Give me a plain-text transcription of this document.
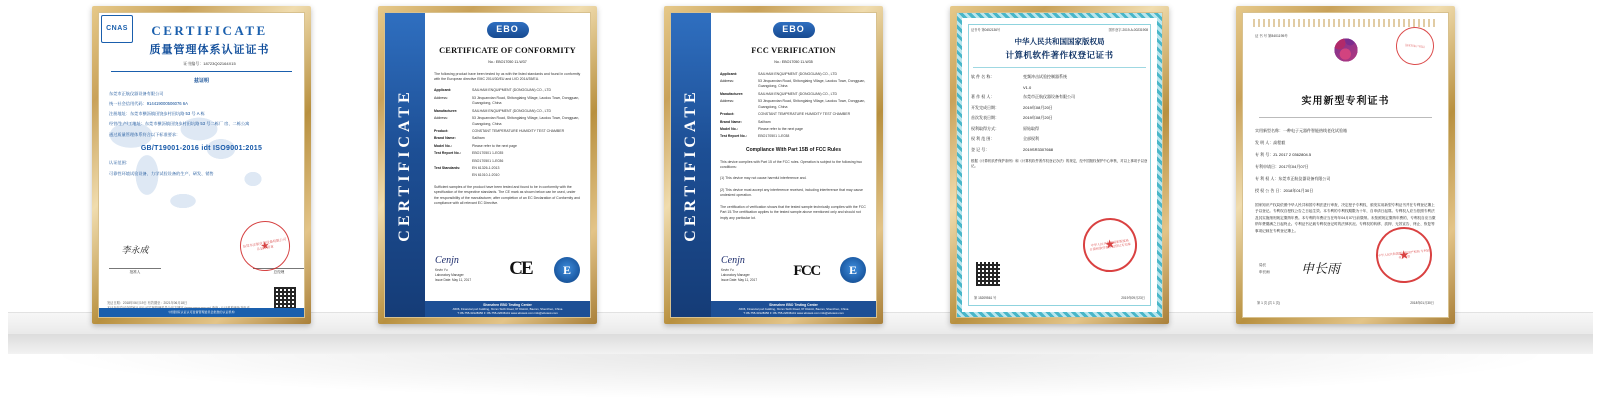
CNAS	CERTIFICATE
质量管理体系认证证书
证书编号：18723Q02164X15
兹证明

东莞市正航仪器设备有限公司

统一社会信用代码：914419000506076 6A

注册地址：东莞市横沥镇田饶步村田坑路 53 号 A 栋

经营/生产/工地址：东莞市横沥镇田饶步村田坑路 53 号二栋厂 房、二栋公寓

通过质量管理体系符合以下标准要求：

GB/T19001-2016 idt ISO9001:2015

认证范围：

可靠性环境试验设备、力学试验设备的生产、研发、销售

东莞市正航仪器设备有限公司 认证专用章 ★
李永成
批准人	总经理
发证日期：2018年06月19日 有效期至：2021年06月18日
中国国家认证认可监督管理委员会批准的认证机构
CERTIFICATE
EBO
CERTIFICATE OF CONFORMITY
No.: EBO17050 11-W37
The following product have been tested by us with the listed standards and found in conformity with the European directive EMC 2014/30/EU and LVD 2014/35/EU.
Applicant:	SAILHAM ENQUIPMENT (DONGGUAN) CO., LTD
Address:	53 Jinquanxian Road, Shitonglaing Village, Laodou Town, Dongguan, Guangdong, China
Manufacturer:	SAILHAM ENQUIPMENT (DONGGUAN) CO., LTD
Address:	53 Jinquanxian Road, Shitonglaing Village, Laodou Town, Dongguan, Guangdong, China
Product:	CONSTANT TEMPERATURE HUMIDITY TEST CHAMBER
Brand Name:	Sailham
Model No.:	Please refer to the next page
Test Report No.:	EBO170501 1-E035
EBO170501 1-E036
Test Standards:	EN 61326-1:2013
EN 61010-1:2010
Sufficient samples of the product have been tested and found to be in conformity with the specification of the respective standards. The CE mark as shown below can be used, under the responsibility of the manufacturer, after completion of an EC Declaration of Conformity and compliance with all relevant EC Directive.
Cenjn
Kevin Yu
Laboratory Manager
Issue Date: May 11, 2017
CE	E
Shenzhen EBO Testing Center
A506, Financial port building, Xin'an Sixth Road, 67 District, Bao'an, Shenzhen, China
T: 86-755-33128456 F: 86-755-22636141 www.ebotest.com info@ebotest.com
CERTIFICATE
EBO
FCC VERIFICATION
No.: EBO17050 11-W35
Applicant:	SAILHAM ENQUIPMENT (DONGGUAN) CO., LTD
Address:	53 Jinquanxian Road, Shitonglaing Village, Laodou Town, Dongguan, Guangdong, China
Manufacturer:	SAILHAM ENQUIPMENT (DONGGUAN) CO., LTD
Address:	53 Jinquanxian Road, Shitonglaing Village, Laodou Town, Dongguan, Guangdong, China
Product:	CONSTANT TEMPERATURE HUMIDITY TEST CHAMBER
Brand Name:	Sailham
Model No.:	Please refer to the next page
Test Report No.:	EBO170501 1-E038
Compliance With Part 15B of FCC Rules
This device complies with Part 15 of the FCC rules. Operation is subject to the following two conditions:
(1) This device may not cause harmful interference and.
(2) This device must accept any interference received, including interference that may cause undesired operation.
The certification of verification shows that the tested sample technically complies with the FCC Part 15.The certification applies to the tested sample above mentioned only and should not imply any particular lot.
Cenjn
Kevin Yu
Laboratory Manager
Issue Date: May 11, 2017
FCC	E
Shenzhen EBO Testing Center
A506, Financial port building, Xin'an Sixth Road, 67 District, Bao'an, Shenzhen, China
T: 86-755-33128456 F: 86-755-22636141 www.ebotest.com info@ebotest.com
证书号 第0452136号	国作登字-2019-A-00231908
中华人民共和国国家版权局
计算机软件著作权登记证书
软 件 名 称：	变频冲击试验控制器系统
V1.0
著 作 权 人：	东莞市正航仪器设备有限公司
开发完成日期：	2019年08月20日
首次发表日期：	2019年08月20日
权利取得方式：	原始取得
权 利 范 围：	全部权利
登 记 号：	2019SR3307668
根据《计算机软件保护条例》和《计算机软件著作权登记办法》的规定，经中国版权保护中心审核，对以上事项予以登记。
★ 中华人民共和国国家版权局 计算机软件著作权登记专用章
第 15209561 号	2019年09月23日
证 书 号 第8401195号
国家知识产权局
实用新型专利证书
实用新型名称：一种电子元器件智能热线老化试验箱
发 明 人：高程毅
专 利 号：ZL 2017 2 0362804.5
专利申请日：2017年04月07日
专 利 权 人：东莞市正航仪器设备有限公司
授 权 公 告 日：2018年01月30日
国家知识产权局依照中华人民共和国专利法进行审查，决定授予专利权，颁发实用新型专利证书并在专利登记簿上予以登记。专利权自授权公告之日起生效。本专利的专利权期限为十年，自申请日起算。专利权人应当依照专利法及其实施细则规定缴纳年费。本专利的年费应当在每年04月07日前缴纳。未按照规定缴纳年费的，专利权自应当缴纳年费期满之日起终止。专利证书记载专利权登记时的法律状况。专利权的转移、质押、无效宣告、终止、恢复等事项记载在专利登记簿上。
局长
申长雨 申长雨
★ 中华人民共和国国家知识产权局 专利证书专用章
第 1 页 (共 1 页)	2018年01月30日
